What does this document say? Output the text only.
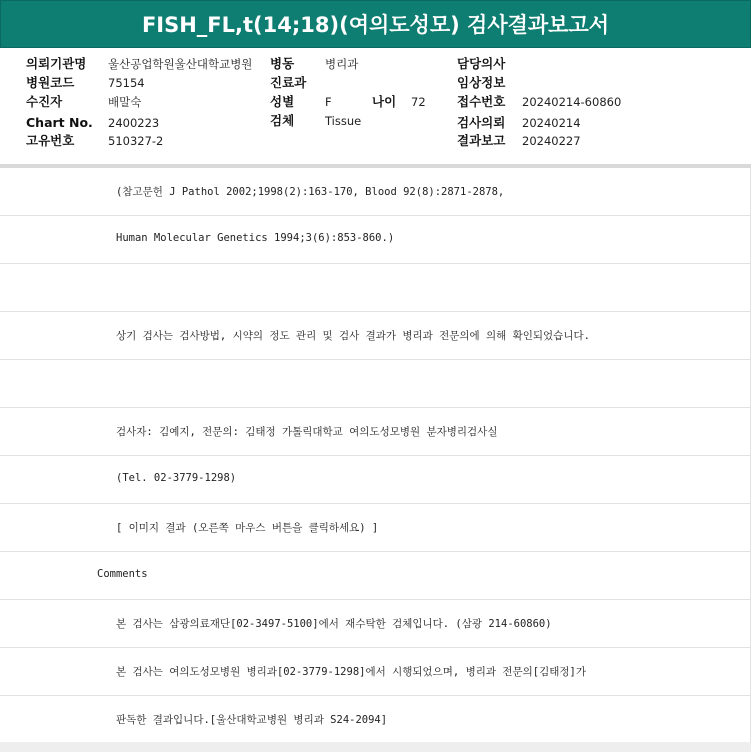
FISH_FL,t(14;18)(여의도성모) 검사결과보고서
의뢰기관명 울산공업학원울산대학교병원 병동	병리과	담당의사
병원코드	75154	진료과	임상정보
수진자	배말숙	성별	F	나이 72	접수번호 20240214-60860
Chart No. 2400223	검체	Tissue	검사의뢰 20240214
고유번호	510327-2	결과보고 20240227
(참고문헌 J Pathol 2002;1998(2):163-170, Blood 92(8):2871-2878,
Human Molecular Genetics 1994;3(6):853-860.)
상기 검사는 검사방법, 시약의 정도 관리 및 검사 결과가 병리과 전문의에 의해 확인되었습니다.
검사자: 김예지, 전문의: 김태정 가톨릭대학교 여의도성모병원 분자병리검사실
(Tel. 02-3779-1298)
[ 이미지 결과 (오른쪽 마우스 버튼을 클릭하세요) ]
Comments
본 검사는 삼광의료재단[02-3497-5100]에서 재수탁한 검체입니다. (삼광 214-60860)
본 검사는 여의도성모병원 병리과[02-3779-1298]에서 시행되었으며, 병리과 전문의[김태정]가
판독한 결과입니다.[울산대학교병원 병리과 S24-2094]
